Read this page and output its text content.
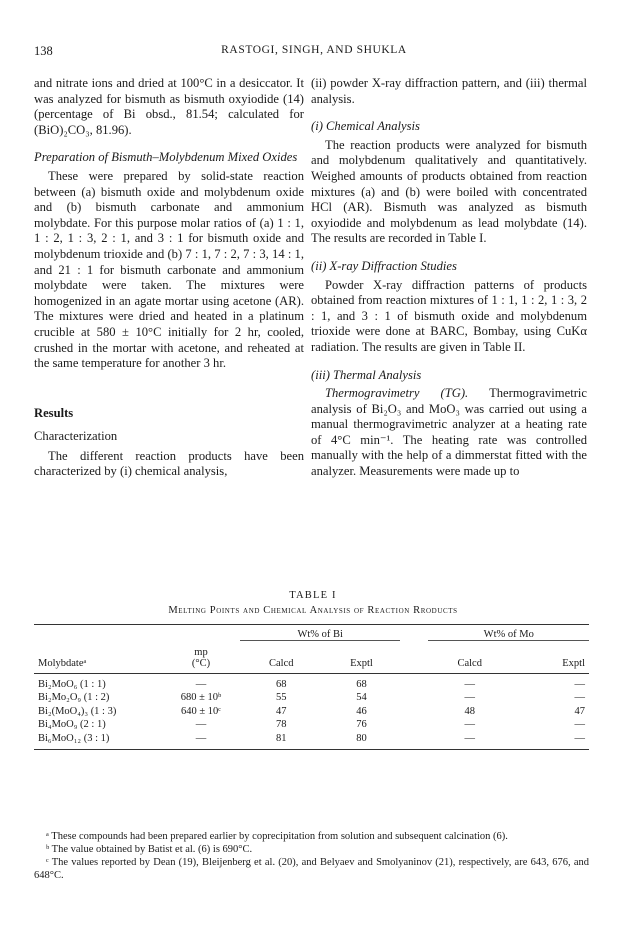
138	RASTOGI, SINGH, AND SHUKLA

and nitrate ions and dried at 100°C in a desiccator. It was analyzed for bismuth as bismuth oxyiodide (14) (percentage of Bi obsd., 81.54; calculated for (BiO)₂CO₃, 81.96).

Preparation of Bismuth–Molybdenum Mixed Oxides

These were prepared by solid-state reaction between (a) bismuth oxide and molybdenum oxide and (b) bismuth carbonate and ammonium molybdate. For this purpose molar ratios of (a) 1 : 1, 1 : 2, 1 : 3, 2 : 1, and 3 : 1 for bismuth oxide and molybdenum trioxide and (b) 7 : 1, 7 : 2, 7 : 3, 14 : 1, and 21 : 1 for bismuth carbonate and ammonium molybdate were taken. The mixtures were homogenized in an agate mortar using acetone (AR). The mixtures were dried and heated in a platinum crucible at 580 ± 10°C initially for 2 hr, cooled, crushed in the mortar with acetone, and reheated at the same temperature for another 3 hr.

Results

Characterization

The different reaction products have been characterized by (i) chemical analysis,

(ii) powder X-ray diffraction pattern, and (iii) thermal analysis.

(i) Chemical Analysis

The reaction products were analyzed for bismuth and molybdenum qualitatively and quantitatively. Weighed amounts of products obtained from reaction mixtures (a) and (b) were boiled with concentrated HCl (AR). Bismuth was analyzed as bismuth oxyiodide and molybdenum as lead molybdate (14). The results are recorded in Table I.

(ii) X-ray Diffraction Studies

Powder X-ray diffraction patterns of products obtained from reaction mixtures of 1 : 1, 1 : 2, 1 : 3, 2 : 1, and 3 : 1 of bismuth oxide and molybdenum trioxide were done at BARC, Bombay, using CuKα radiation. The results are given in Table II.

(iii) Thermal Analysis

Thermogravimetry (TG). Thermogravimetric analysis of Bi₂O₃ and MoO₃ was carried out using a manual thermogravimetric analyzer at a heating rate of 4°C min⁻¹. The heating rate was controlled manually with the help of a dimmerstat fitted with the analyzer. Measurements were made up to

TABLE I
Melting Points and Chemical Analysis of Reaction Rroducts
		Wt% of Bi			Wt% of Mo	
	mp					
Molybdateᵃ	(°C)	Calcd	Exptl		Calcd	Exptl
Bi₂MoO₆ (1 : 1)	—	68	68		—	—
Bi₂Mo₂O₉ (1 : 2)	680 ± 10ᵇ	55	54		—	—
Bi₂(MoO₄)₃ (1 : 3)	640 ± 10ᶜ	47	46		48	47
Bi₄MoO₉ (2 : 1)	—	78	76		—	—
Bi₆MoO₁₂ (3 : 1)	—	81	80		—	—

ᵃ These compounds had been prepared earlier by coprecipitation from solution and subsequent calcination (6).

ᵇ The value obtained by Batist et al. (6) is 690°C.

ᶜ The values reported by Dean (19), Bleijenberg et al. (20), and Belyaev and Smolyaninov (21), respectively, are 643, 676, and 648°C.
